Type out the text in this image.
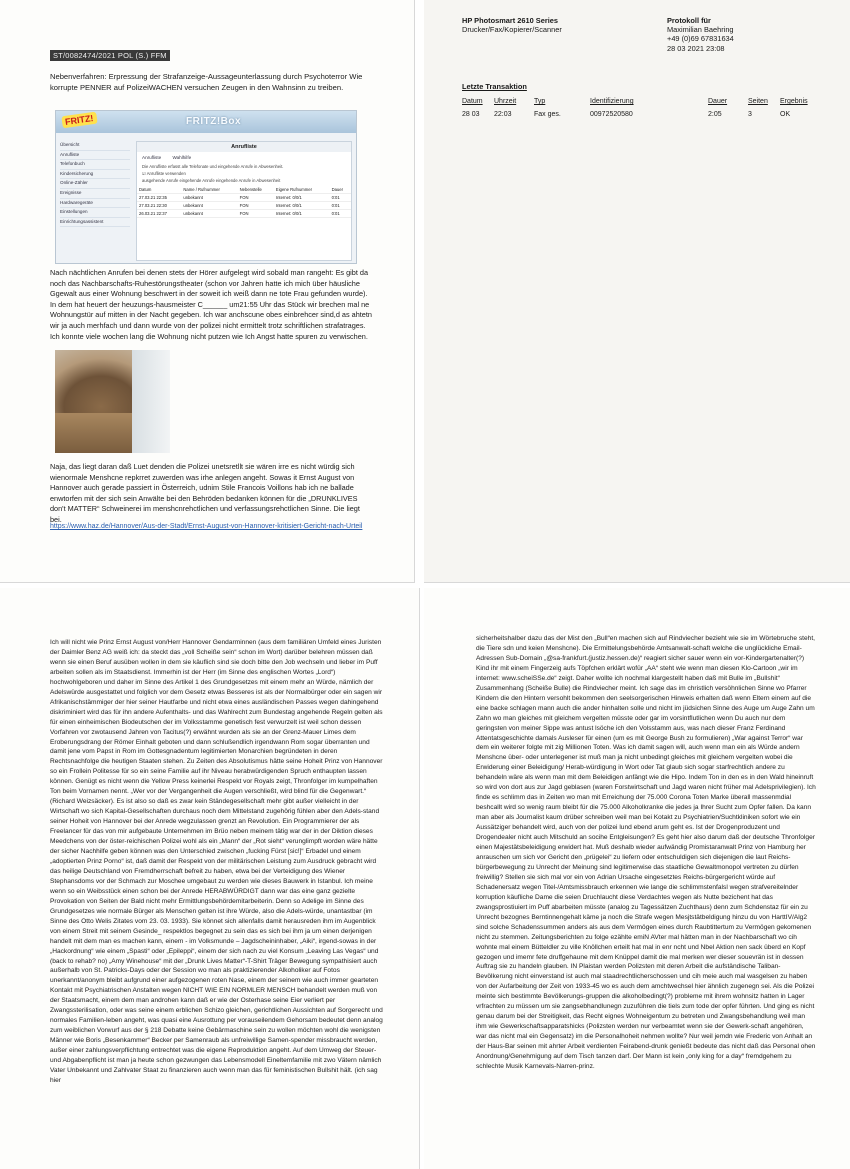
ST/0082474/2021 POL (S.) FFM
Nebenverfahren: Erpressung der Strafanzeige-Aussageunterlassung durch Psychoterror Wie korrupte PENNER auf PolizeiWACHEN versuchen Zeugen in den Wahnsinn zu treiben.
FRITZ!	FRITZ!Box
Übersicht
Anrufliste
Telefonbuch
Kindersicherung
Online-Zähler
Ereignisse
Hardwaregeräte
Einstellungen
Einrichtungsassistent
Anrufliste
Anrufliste Wahlhilfe
Die Anrufliste erfasst alle Telefonate und eingehende Anrufe in Abwesenheit.
☑ Anrufliste verwenden
ausgehende Anrufe eingehende Anrufe eingehende Anrufe in Abwesenheit
Datum	Name / Rufnummer	Nebenstelle	Eigene Rufnummer	Dauer
27.03.21 22:35	unbekannt	FON	Internet: 0/0/1	0:01
27.03.21 22:30	unbekannt	FON	Internet: 0/0/1	0:01
26.03.21 22:37	unbekannt	FON	Internet: 0/0/1	0:01
Nach nächtlichen Anrufen bei denen stets der Hörer aufgelegt wird sobald man rangeht: Es gibt da noch das Nachbarschafts-Ruhestörungstheater (schon vor Jahren hatte ich mich über häusliche Ggewalt aus einer Wohnung beschwert in der soweit ich weiß dann ne tote Frau gefunden wurde). In dem hat heuert der heuzungs-hausmeister C______ um21:55 Uhr das Stück wir brechen mal ne Wohnungstür auf mitten in der Nacht gegeben. Ich war anchscune obes einbrehcer sind,d as ahtetn wir ja auch merhfach und dann wurde von der polizei nicht ermittelt trotz schriftlichen strafatrages. Ich konnte viele wochen lang die Wohnung nicht putzen wie Ich Angst hatte spuren zu verwischen.
Naja, das liegt daran daß Luet denden die Polizei unetsretllt sie wären irre es nicht würdig sich wienormale Menshcne repkrret zuwerden was irhe anlegen angeht. Sowas it Ernst August von Hannover auch gerade passiert in Österreich, udnim Stile Francois Voillons hab ich ne ballade enwtorfen mit der sich sein Anwälte bei den Behröden bedanken können für die „DRUNKLIVES don't MATTER“ Schweinerei im menshcnrehctlichen und verfassungsrehctlichen Sinne. Die liegt bei.
https://www.haz.de/Hannover/Aus-der-Stadt/Ernst-August-von-Hannover-kritisiert-Gericht-nach-Urteil
HP Photosmart 2610 Series
Drucker/Fax/Kopierer/Scanner
Protokoll für
Maximilian Baehring
+49 (0)69 67831634
28 03 2021 23:08
Letzte Transaktion
Datum	Uhrzeit	Typ	Identifizierung	Dauer	Seiten	Ergebnis
28 03	22:03	Fax ges.	00972520580	2:05	3	OK
Ich will nicht wie Prinz Ernst August von/Herr Hannover Gendarminnen (aus dem familiären Umfeld eines Juristen der Daimler Benz AG weiß ich: da steckt das „voll Scheiße sein“ schon im Wort) darüber belehren müssen daß wenn sie einen Beruf ausüben wollen in dem sie käuflich sind sie doch bitte den Job wechseln und lieber im Puff arbeiten sollen als im Staatsdienst. Immerhin ist der Herr (im Sinne des englischen Wortes „Lord“) hochwohlgeboren und daher im Sinne des Artikel 1 des Grundgesetzes mit einem mehr an Würde, nämlich der Adelswürde ausgestattet und folglich vor dem Gesetz etwas Besseres ist als der Normalbürger oder ein sagen wir Afrikanischstämmiger der hier seiner Hautfarbe und nicht etwa eines ausländischen Passes wegen dahingehend diskriminiert wird das für ihn andere Aufenthalts- und das Wahlrecht zum Bundestag angehende Regeln gelten als für einen einheimischen Biodeutschen der im Volksstamme genetisch fest verwurzelt ist weil schon dessen Vorfahren vor zwotausend Jahren von Tacitus(?) erwähnt wurden als sie an der Grenz-Mauer Limes dem Eroberungsdrang der Römer Einhalt geboten und dann schlußendlich irgendwann Rom sogar überranten und damit jene vom Papst in Rom im Gottesgnadentum legitimierten Monarchien begründeten in deren Rechtsnachfolge die heutigen Staaten stehen. Zu Zeiten des Absolutismus hätte seine Hoheit Prinz von Hannover so ein Frollein Politesse für so ein seine Familie auf ihr Niveau herabwürdigenden Spruch enthaupten lassen können. Genügt es nicht wenn die Yellow Press keinerlei Respekt vor Royals zeigt, Thronfolger im kumpelhaften Ton beim Vornamen nennt. „Wer vor der Vergangenheit die Augen verschließt, wird blind für die Gegenwart.“ (Richard Weizsäcker). Es ist also so daß es zwar kein Ständegesellschaft mehr gibt außer vielleicht in der Wirtschaft wo sich Kapital-Gesellschaften durchaus noch dem Mittelstand zugehörig fühlen aber den Adels-stand seiner Hoheit von Hannover bei der Anrede wegzulassen grenzt an Revolution. Ein Programmierer der als Freelancer für das von mir aufgebaute Unternehmen im Brüo neben meinem tätig war der in der Diktion dieses Meedchens von der öster-reichischen Polizei wohl als ein „Mann“ der „Rot sieht“ verunglimpft worden wäre hätte der sicher Nachhilfe geben können was den Unterschied zwischen „fucking Fürst [sic!]“ Erbadel und einem „adoptierten Prinz Porno“ ist, daß damit der Respekt von der militärischen Leistung zum Ausdruck gebracht wird das heilige Deutschland von Fremdherrschaft befreit zu haben, etwa bei der Verteidigung des Wiener Stephansdoms vor der Schmach zur Moschee umgebaut zu werden wie dieses Bauwerk in Istanbul. Ich meine wenn so ein Weibsstück einen schon bei der Anrede HERABWÜRDIGT dann war das eine ganz gezielte Provokation von Seiten der Bald nicht mehr Ermittlungsbehördemitarbeiterin. Denn so Adelige im Sinne des Grundgesetzes wie normale Bürger als Menschen gelten ist ihre Würde, also die Adels-würde, unantastbar (im Sinne des Otto Welis Zitates vom 23. 03. 1933). Sie könnet sich allenfalls damit herausreden ihm im Augenblick von einem Streit mit seinem Gesinde_ respektlos begegnet zu sein das es sich bei ihm ja um einen derjenigen handelt mit dem man es machen kann, einem - im Volksmunde – Jagdscheininhaber, „Aiki“, irgend-sowas in der „Hackordnung“ wie einem „Spasti“ oder „Epileppi“, einem der sich nach zu viel Konsum „Leaving Las Vegas“ und (back to rehab? no) „Amy Winehouse“ mit der „Drunk Lives Matter“-T-Shirt Träger Bewegung sympathisiert auch außerhalb von St. Patricks-Days oder der Session wo man als praktizierender Alkoholiker auf Fotos unerkannt/anonym bleibt aufgrund einer aufgezogenen roten Nase, einem der seinem wie auch immer gearteten Kontakt mit Psychiatrischen Anstalten wegen NICHT WIE EIN NORMLER MENSCH behandelt werden muß von der Staatsmacht, einem dem man androhen kann daß er wie der Osterhase seine Eier verliert per Zwangssterilisation, oder was seine einem erblichen Schizo gleichen, gerichtlichen Aussichten auf Sorgerecht und normales Familien-leben angeht, was quasi eine Ausrottung per vorauseilendem Gehorsam bedeutet denn analog zum weiblichen Vorwurf aus der § 218 Debatte keine Gebärmaschine sein zu wollen möchten wohl die wenigsten Männer wie Boris „Besenkammer“ Becker per Samenraub als unfreiwillige Samen-spender missbraucht werden, außer einer zahlungsverpflichtung entrechtet was die eigene Reproduktion angeht. Auf dem Umweg der Steuer- und Abgabenpflicht ist man ja heute schon gezwungen das Lebensmodell Eineltemfamilie mit zwo Vätern nämlich Vater Unbekannt und Zahlvater Staat zu finanzieren auch wenn man das für feministischen Bullshit hält. (ich sag hier
sicherheitshalber dazu das der Mist den „Bull“en machen sich auf Rindviecher bezieht wie sie im Wörtebruche steht, die Tiere sdn und keien Menshcne). Die Ermittelungsbehörde Amtsanwalt-schaft welche die unglückliche Email-Adressen Sub-Domain „@sa-frankfurt.(justiz.hessen.de)“ reagiert sicher sauer wenn ein vor-Kindergartenalter(?) Kind ihr mit einem Fingerzeig aufs Töpfchen erklärt wofür „AA“ steht wie wenn man diesen Klo-Cartoon „wir im internet: www.scheiSSe.de“ zeigt. Daher wollte ich nochmal klargestellt haben daß mit Bulle im „Bullshit“ Zusammenhang (Scheiße Bulle) die Rindviecher meint. Ich sage das im christlich versöhnlichen Sinne wo Pfarrer Kindern die den Hintern versohlt bekommen den seelsorgerischen Hinweis erhalten daß wenn Eltern einem auf die eine backe schlagen mann auch die ander hinhalten solle und nicht im jüdsichen Sinne des Auge um Auge Zahn um Zahn wo man gleiches mit gleichem vergelten müsste oder gar im vorsintflutlichen wenn Du auch nur dem geringsten von meiner Sippe was antust lsöche ich den Volsstamm aus, was nach dieser Franz Ferdinand Attentatsgeschichte damals Ausleser für einen (um es mit George Bush zu formulieren) „War against Terror“ war dem ein weiterer folgte mit zig Millionen Toten. Was ich damit sagen will, auch wenn man ein als Würde andern Menshcne über- oder unterlegener ist muß man ja nicht unbedingt gleiches mit gleichem vergelten wobei die Erwiderung einer Beleidigung/ Herab-würdigung in Wort oder Tat glaub sich sogar starfrechtlich andere zu behandeln wäre als wenn man mit dem Beleidigen anfängt wie die Hipo. Indem Ton in den es in den Wald hineinruft so wird von dort aus zur Jagd geblasen (waren Forstwirtschaft und Jagd waren nicht früher mal Adelsprivilegien). Ich finde es schlimm das in Zeiten wo man mit Erreichung der 75.000 Corona Toten Marke überall massenmdial beshcallt wird so wenig raum bleibt für die 75.000 Alkoholkranke die jedes ja Ihrer Sucht zum Opfer fallen. Da kann man aber als Journalist kaum drüber schreiben weil man bei Kotakt zu Psychiatrien/Suchtkliniken sofort wie ein Aussätziger behandelt wird, auch von der polizei lund ebend arum geht es. Ist der Drogenproduzent und Drogendealer nicht auch Mitschuld an socihe Entgleisungen? Es geht hier also darum daß der deutsche Thronfolger einen Majestätsbeleidigung erwidert hat. Muß deshalb wieder aufwändig Promistaranwalt Prinz von Hamburg her anrauschen um sich vor Gericht den „prügelei“ zu liefern oder entschuldigen sich diejenigen die laut Reichs-bürgerbewegung zu Unrecht der Meinung sind legitimerwise das staatliche Gewaltmonopol vertreten zu dürfen freiwillig? Stellen sie sich mal vor ein von Adrian Ursache eingesetztes Reichs-bürgergericht würde auf Schadenersatz wegen Titel-/Amtsmissbrauch erkennen wie lange die schlimmstenfalsl wegen strafvereitelnder korruption käufliche Dame die seien Druchlaucht diese Verdachtes wegen als Nutte bezichent hat das zwangsprostiuiert im Puff abarbeiten müsste (analog zu Tagessätzen Zuchthaus) denn zum Schdenstaz für ein zu Unrecht bezognes Berntinnengehalt käme ja noch die Strafe wegen Mesjtstätbeldigung hinzu du von HarttIV/Alg2 sind solche Schadenssummen anders als aus dem Vermögen eines durch Raubtittertum zu Vermögen gekomenen nicht zu stemmen. Zeitungsberichten zu folge ezählte emiN AVter mal hätten man in der Nachbarschaft wo cih wohnte mal einem Bütteldler zu ville Knöllchen erteilt hat mal in enr ncht und Nbel Aktion nen sack überd en Kopf gezogen und imemr fete druffgehaune mit dem Knüppel damit die mal merken wer dieser souevrän ist in dessen Auftrag sie zu handeln glauben. IN Plaistan werden Polizsten mit deren Arbeit die aufständische Taliban-Bevölkerung nicht einverstand ist auch mal staadrechtlicherschossen und cih meie auch mal wasgelsen zu haben von der Aufarbeitung der Zeit von 1933-45 wo es auch dem amchtwechsel hier ähnlich zugenegn sei. Als die Polizei meinte sich bestimmte Bevölkerungs-gruppen die alkoholbedingt(?) probleme mit ihrem wohnsitz hatten in Lager vrfrachten zu müssen um sie zangsebhandlunegn zuzuführen die tiels zum tode der opfer führten. Und ging es nicht genau darum bei der Streitigkeit, das Recht eignes Wohneigentum zu betreten und Zwangsbehandlung weil man ihm wie Gewerkschaftsapparatshicks (Polizsten werden nur verbeamtet wenn sie der Gewerk-schaft angehören, war das nicht mal ein Gegensatz) im die Personalhoheit nehmen wollte? Nur weil jemdn wie Frederic von Anhalt an der Haus-Bar seinen mit ahrter Arbeit verdienten Feirabend-drunk genießt bedeute das nicht daß das Personal ohen Anordnung/Genehmigung auf dem Tisch tanzen darf. Der Mann ist kein „only king for a day“ fremdgehem zu schlechte Musik Karnevals-Narren-prinz.
